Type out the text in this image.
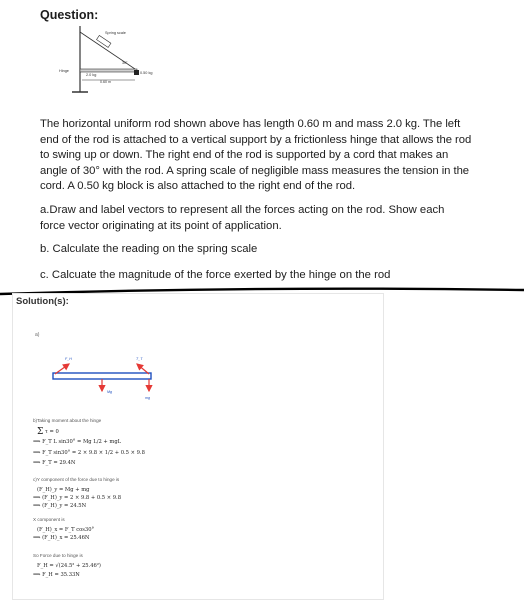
Question:
Spring scale
30°
Hinge
2.0 kg	0.50 kg
0.60 m
The horizontal uniform rod shown above has length 0.60 m and mass 2.0 kg. The left end of the rod is attached to a vertical support by a frictionless hinge that allows the rod to swing up or down. The right end of the rod is supported by a cord that makes an angle of 30° with the rod. A spring scale of negligible mass measures the tension in the cord. A 0.50 kg block is also attached to the right end of the rod.
a.Draw and label vectors to represent all the forces acting on the rod. Show each force vector originating at its point of application.
b. Calculate the reading on the spring scale
c. Calcuate the magnitude of the force exerted by the hinge on the rod
Solution(s):
a)
F_H	T_T
Mg
mg
b)Taking moment about the hinge
Σ τ = 0
⟹ F_T L sin30° = Mg L/2 + mgL
⟹ F_T sin30° = 2 × 9.8 × 1/2 + 0.5 × 9.8
⟹ F_T = 29.4N
c)Y component of the force due to hinge is
(F_H)_y = Mg + mg
⟹ (F_H)_y = 2 × 9.8 + 0.5 × 9.8
⟹ (F_H)_y = 24.5N
X component is
(F_H)_x = F_T cos30°
⟹ (F_H)_x = 25.46N
So Force due to hinge is
F_H = √(24.5² + 25.46²)
⟹ F_H = 35.33N
